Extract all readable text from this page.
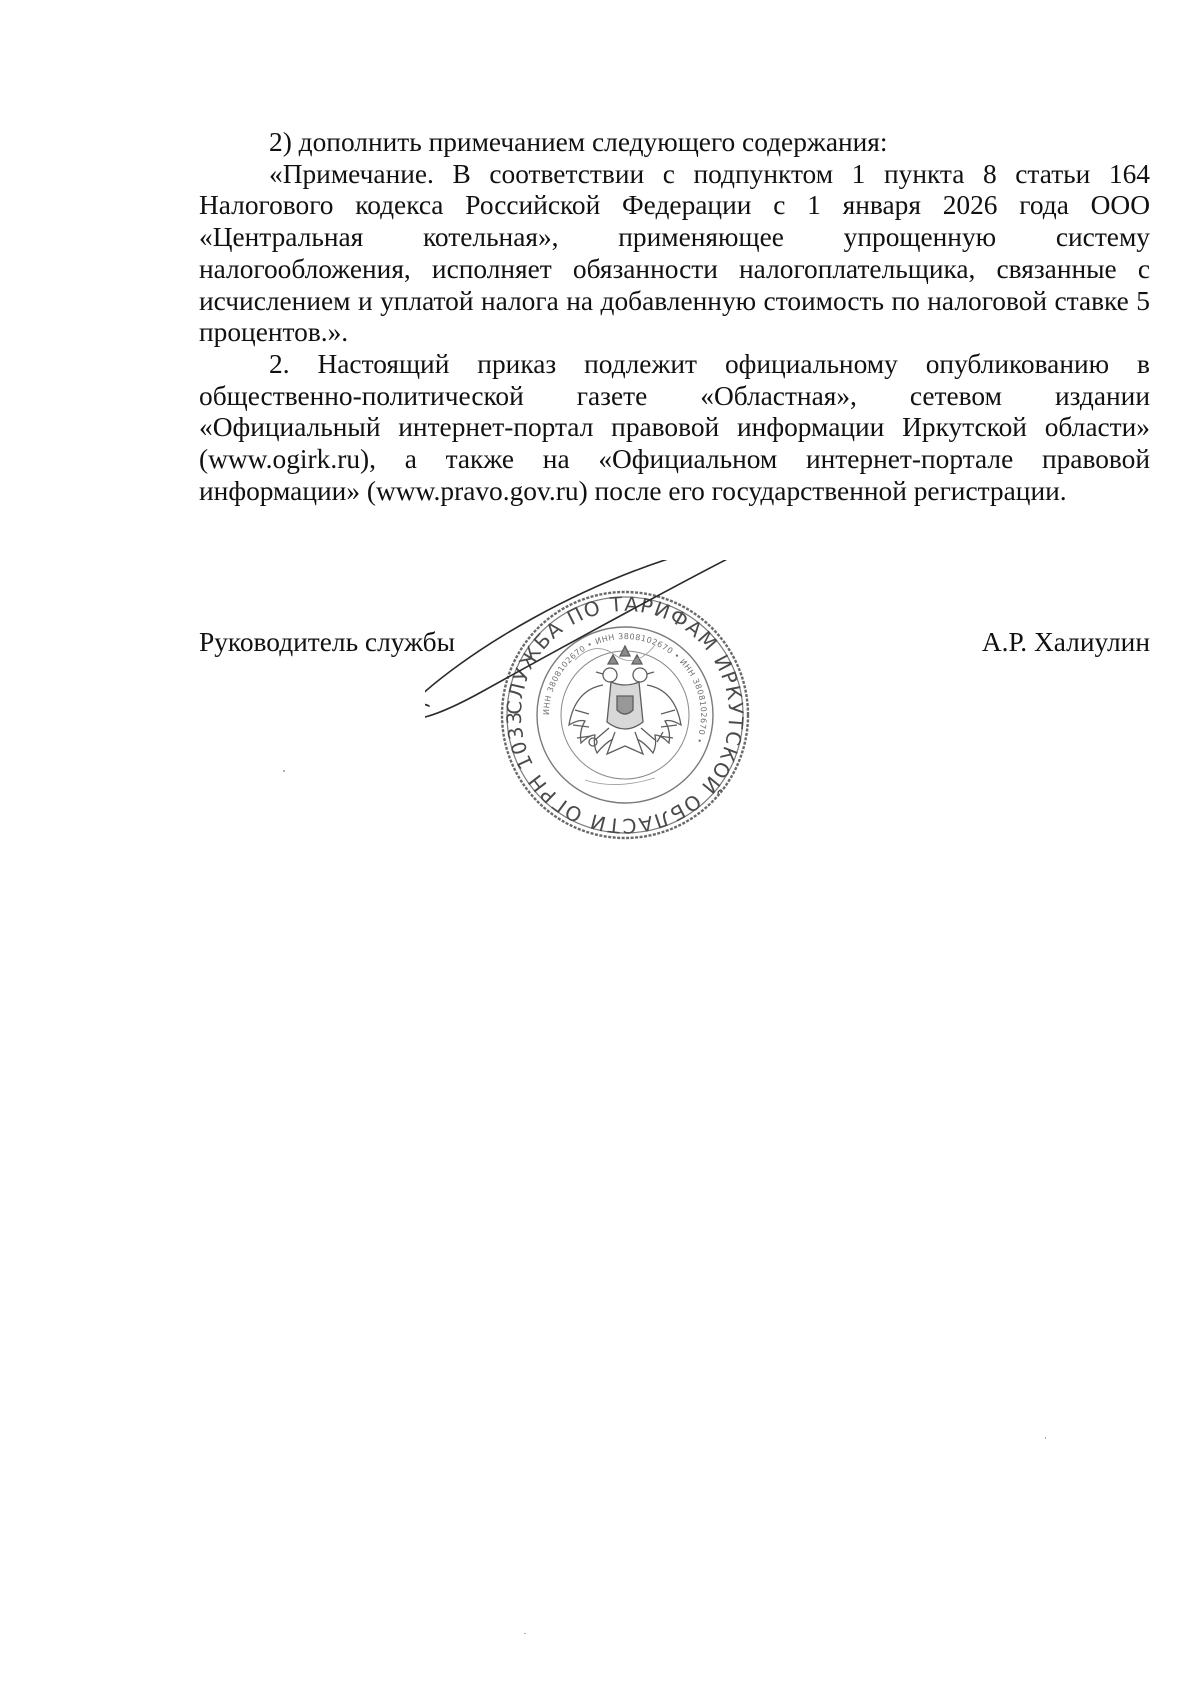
2) дополнить примечанием следующего содержания:

«Примечание. В соответствии с подпунктом 1 пункта 8 статьи 164 Налогового кодекса Российской Федерации с 1 января 2026 года ООО «Центральная котельная», применяющее упрощенную систему налогообложения, исполняет обязанности налогоплательщика, связанные с исчислением и уплатой налога на добавленную стоимость по налоговой ставке 5 процентов.».

2. Настоящий приказ подлежит официальному опубликованию в общественно-политической газете «Областная», сетевом издании «Официальный интернет-портал правовой информации Иркутской области» (www.ogirk.ru), а также на «Официальном интернет-портале правовой информации» (www.pravo.gov.ru) после его государственной регистрации.

Руководитель службы	А.Р. Халиулин
СЛУЖБА ПО ТАРИФАМ ИРКУТСКОЙ ОБЛАСТИ ОГРН 1033	ИНН 3808102670 • ИНН 3808102670 • ИНН 3808102670 •
